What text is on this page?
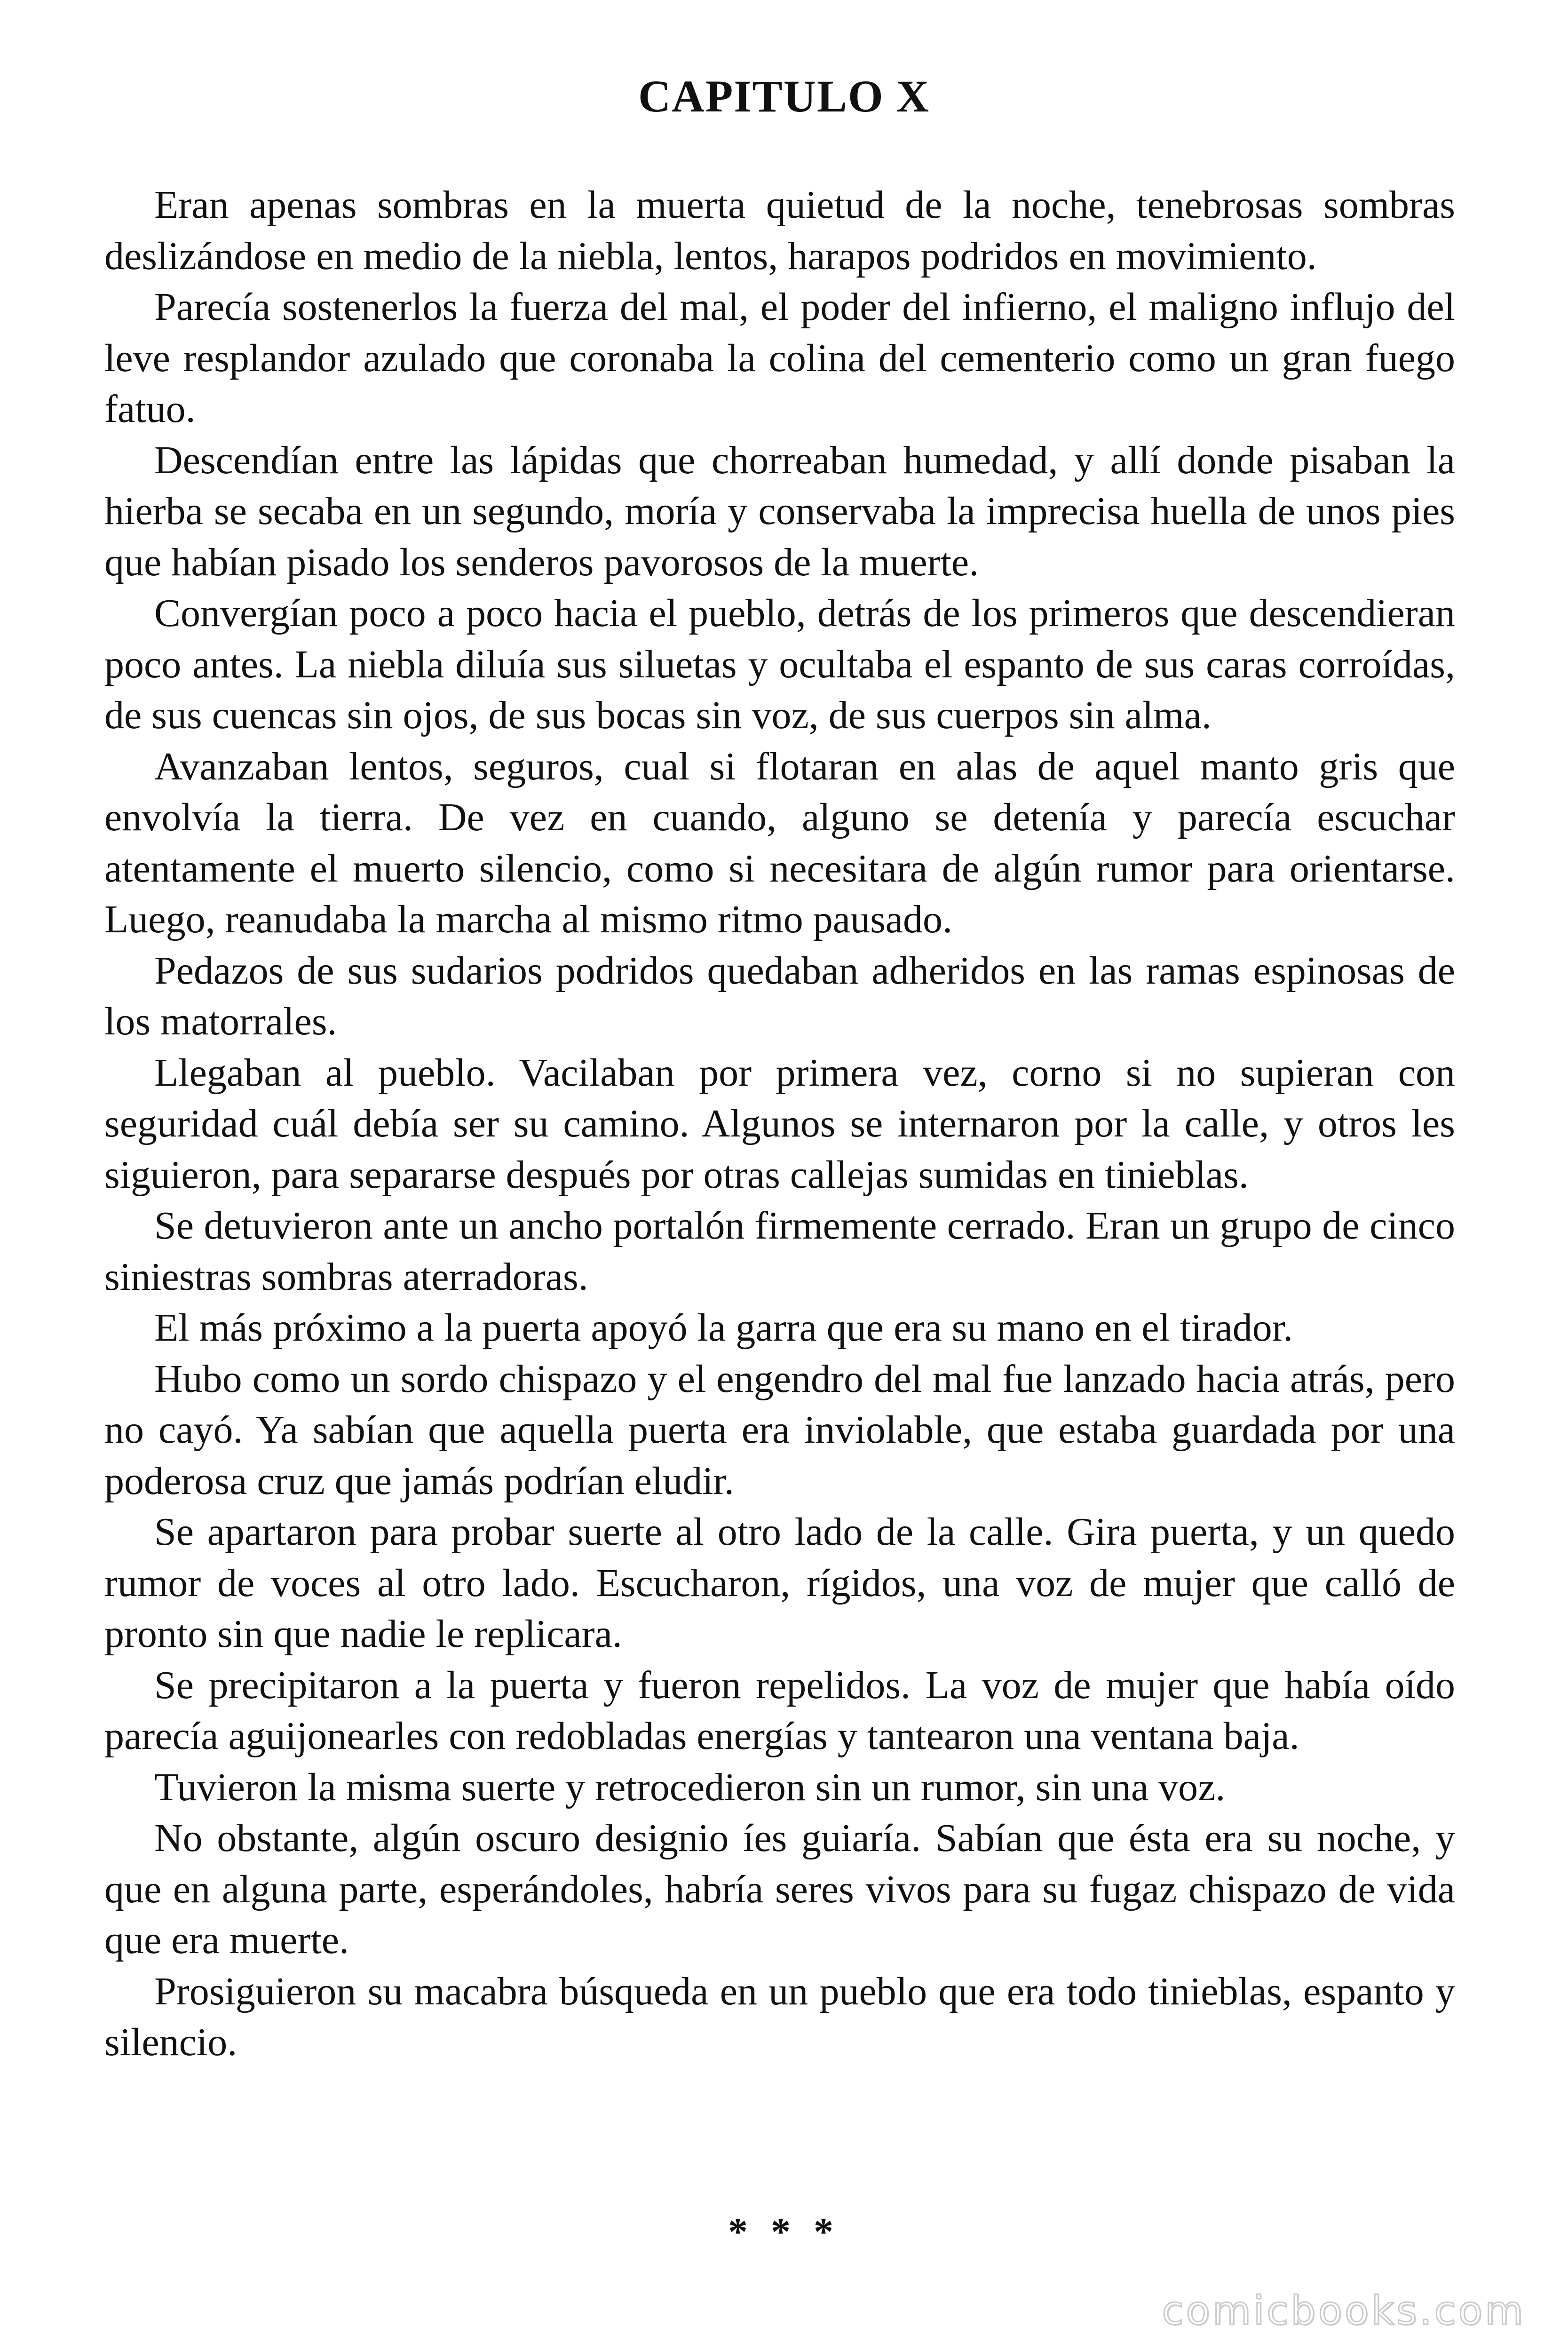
CAPITULO X

Eran apenas sombras en la muerta quietud de la noche, tenebrosas sombras deslizándose en medio de la niebla, lentos, harapos podridos en movimiento.

Parecía sostenerlos la fuerza del mal, el poder del infierno, el maligno influjo del leve resplandor azulado que coronaba la colina del cementerio como un gran fuego fatuo.

Descendían entre las lápidas que chorreaban humedad, y allí donde pisaban la hierba se secaba en un segundo, moría y conservaba la imprecisa huella de unos pies que habían pisado los senderos pavorosos de la muerte.

Convergían poco a poco hacia el pueblo, detrás de los primeros que descendieran poco antes. La niebla diluía sus siluetas y ocultaba el espanto de sus caras corroídas, de sus cuencas sin ojos, de sus bocas sin voz, de sus cuerpos sin alma.

Avanzaban lentos, seguros, cual si flotaran en alas de aquel manto gris que envolvía la tierra. De vez en cuando, alguno se detenía y parecía escuchar atentamente el muerto silencio, como si necesitara de algún rumor para orientarse. Luego, reanudaba la marcha al mismo ritmo pausado.

Pedazos de sus sudarios podridos quedaban adheridos en las ramas espinosas de los matorrales.

Llegaban al pueblo. Vacilaban por primera vez, corno si no supieran con seguridad cuál debía ser su camino. Algunos se internaron por la calle, y otros les siguieron, para separarse después por otras callejas sumidas en tinieblas.

Se detuvieron ante un ancho portalón firmemente cerrado. Eran un grupo de cinco siniestras sombras aterradoras.

El más próximo a la puerta apoyó la garra que era su mano en el tirador.

Hubo como un sordo chispazo y el engendro del mal fue lanzado hacia atrás, pero no cayó. Ya sabían que aquella puerta era inviolable, que estaba guardada por una poderosa cruz que jamás podrían eludir.

Se apartaron para probar suerte al otro lado de la calle. Gira puerta, y un quedo rumor de voces al otro lado. Escucharon, rígidos, una voz de mujer que calló de pronto sin que nadie le replicara.

Se precipitaron a la puerta y fueron repelidos. La voz de mujer que había oído parecía aguijonearles con redobladas energías y tantearon una ventana baja.

Tuvieron la misma suerte y retrocedieron sin un rumor, sin una voz.

No obstante, algún oscuro designio íes guiaría. Sabían que ésta era su noche, y que en alguna parte, esperándoles, habría seres vivos para su fugaz chispazo de vida que era muerte.

Prosiguieron su macabra búsqueda en un pueblo que era todo tinieblas, espanto y silencio.

* * *
comicbooks.com
